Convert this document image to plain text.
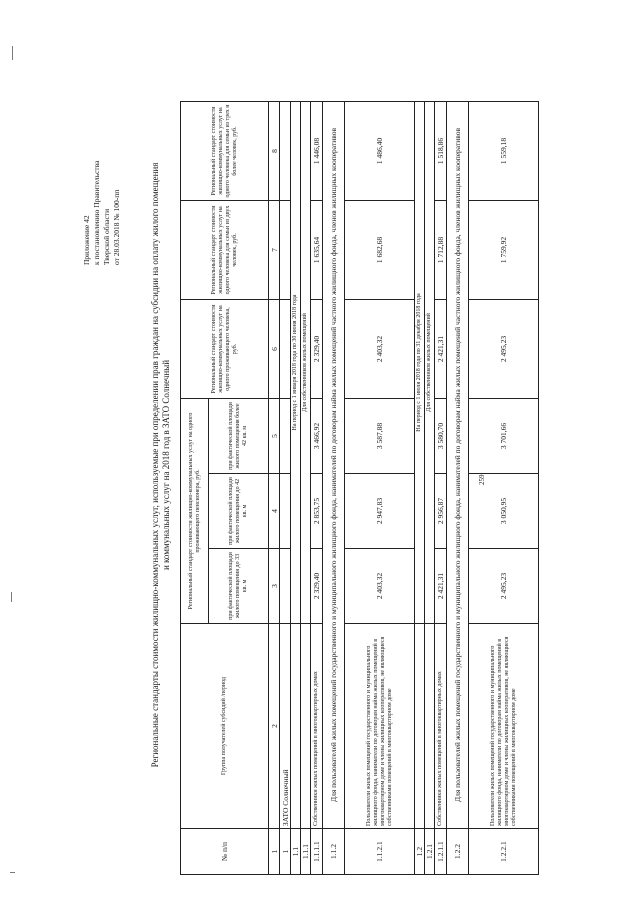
259
Приложение 42 к постановлению Правительства Тверской области от 28.03.2018 № 100-пп	Региональные стандарты стоимости жилищно-коммунальных услуг, используемые при определении прав граждан на субсидии на оплату жилого помещения и коммунальных услуг на 2018 год в ЗАТО Солнечный
№ п/п	Группа получателей субсидий /период	Региональный стандарт стоимости жилищно-коммунальных услуг на одного проживающего пенсионера, руб.			Региональный стандарт стоимости жилищно-коммунальных услуг на одного проживающего человека, руб.	Региональный стандарт стоимости жилищно-коммунальных услуг на одного человека для семьи из двух человек, руб.	Региональный стандарт стоимости жилищно-коммунальных услуг на одного человека для семьи из трех и более человек, руб.
		при фактической площади жилого помещения до 33 кв. м	при фактической площади жилого помещения до 42 кв. м	при фактической площади жилого помещения более 42 кв. м			
1	2	3	4	5	6	7	8
1	ЗАТО Солнечный						
1.1		На период с 1 января 2018 года по 30 июня 2018 года					
1.1.1		Для собственников жилых помещений					
1.1.1.1	Собственники жилых помещений в многоквартирных домах	2 329,40	2 853,75	3 466,92	2 329,40	1 635,64	1 446,08
1.1.2	Для пользователей жилых помещений государственного и муниципального жилищного фонда, нанимателей по договорам найма жилых помещений частного жилищного фонда, членов жилищных кооперативов						
1.1.2.1	Пользователи жилых помещений государственного и муниципального жилищного фонда, наниматели по договорам найма жилых помещений в многоквартирном доме и члены жилищных кооперативов, не являющиеся собственниками помещений в многоквартирном доме	2 403,32	2 947,83	3 587,88	2 403,32	1 682,68	1 486,40
1.2		На период с 1 июля 2018 года по 31 декабря 2018 года					
1.2.1		Для собственников жилых помещений					
1.2.1.1	Собственники жилых помещений в многоквартирных домах	2 421,31	2 956,87	3 580,70	2 421,31	1 712,88	1 518,86
1.2.2	Для пользователей жилых помещений государственного и муниципального жилищного фонда, нанимателей по договорам найма жилых помещений частного жилищного фонда, членов жилищных кооперативов						
1.2.2.1	Пользователи жилых помещений государственного и муниципального жилищного фонда, наниматели по договорам найма жилых помещений в многоквартирном доме и члены жилищных кооперативов, не являющиеся собственниками помещений в многоквартирном доме	2 495,23	3 050,95	3 701,66	2 495,23	1 759,92	1 559,18
